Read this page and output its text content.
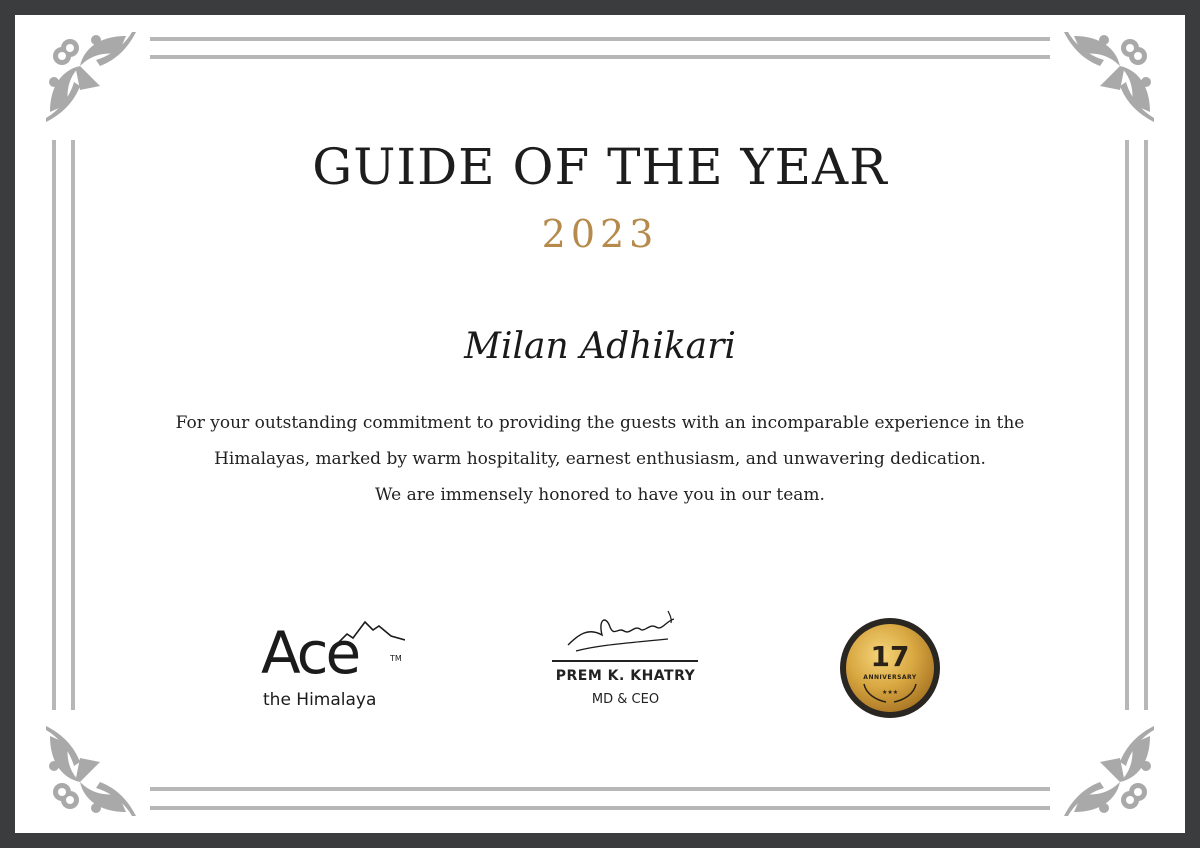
GUIDE OF THE YEAR
2023
Milan Adhikari
For your outstanding commitment to providing the guests with an incomparable experience in the
Himalayas, marked by warm hospitality, earnest enthusiasm, and unwavering dedication.
We are immensely honored to have you in our team.
Ace	TM
the Himalaya
PREM K. KHATRY
MD & CEO	★★★
17
ANNIVERSARY
